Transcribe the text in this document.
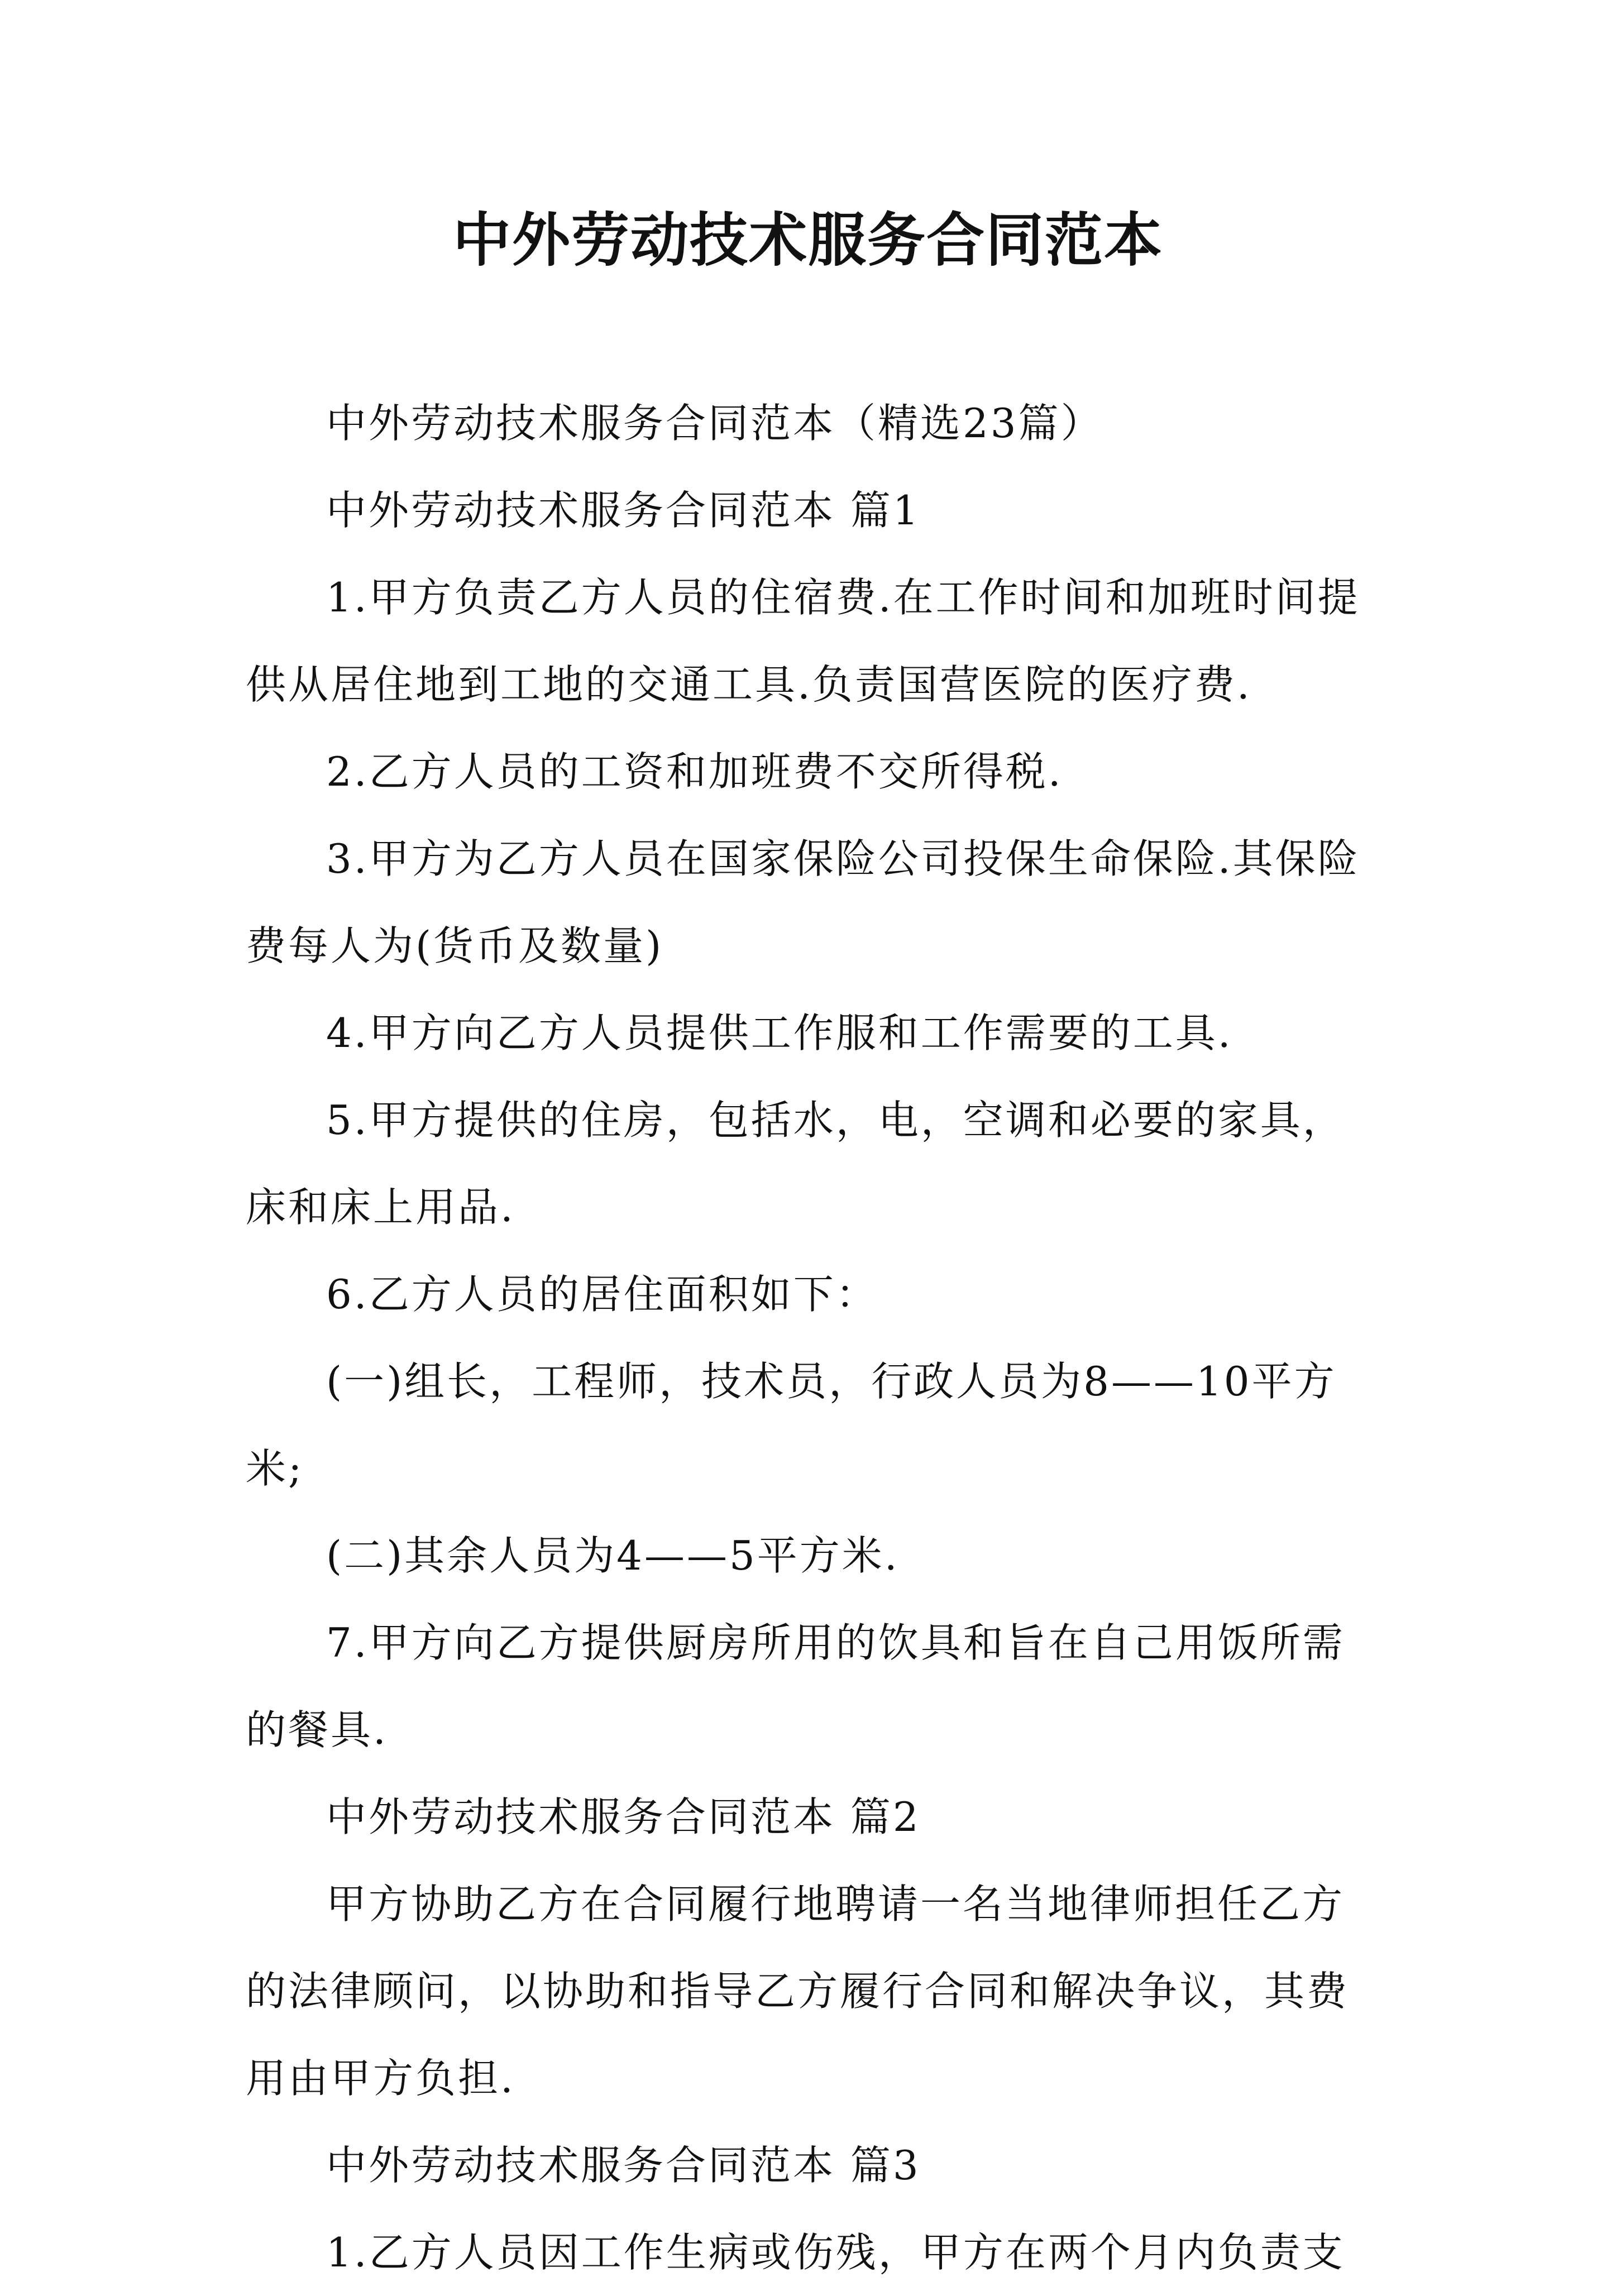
中外劳动技术服务合同范本

中外劳动技术服务合同范本（精选23篇）

中外劳动技术服务合同范本 篇1

1.甲方负责乙方人员的住宿费.在工作时间和加班时间提供从居住地到工地的交通工具.负责国营医院的医疗费.

2.乙方人员的工资和加班费不交所得税.

3.甲方为乙方人员在国家保险公司投保生命保险.其保险费每人为(货币及数量)

4.甲方向乙方人员提供工作服和工作需要的工具.

5.甲方提供的住房，包括水，电，空调和必要的家具，床和床上用品.

6.乙方人员的居住面积如下：

(一)组长，工程师，技术员，行政人员为8——10平方米;

(二)其余人员为4——5平方米.

7.甲方向乙方提供厨房所用的饮具和旨在自己用饭所需的餐具.

中外劳动技术服务合同范本 篇2

甲方协助乙方在合同履行地聘请一名当地律师担任乙方的法律顾问，以协助和指导乙方履行合同和解决争议，其费用由甲方负担.

中外劳动技术服务合同范本 篇3

1.乙方人员因工作生病或伤残，甲方在两个月内负责支
